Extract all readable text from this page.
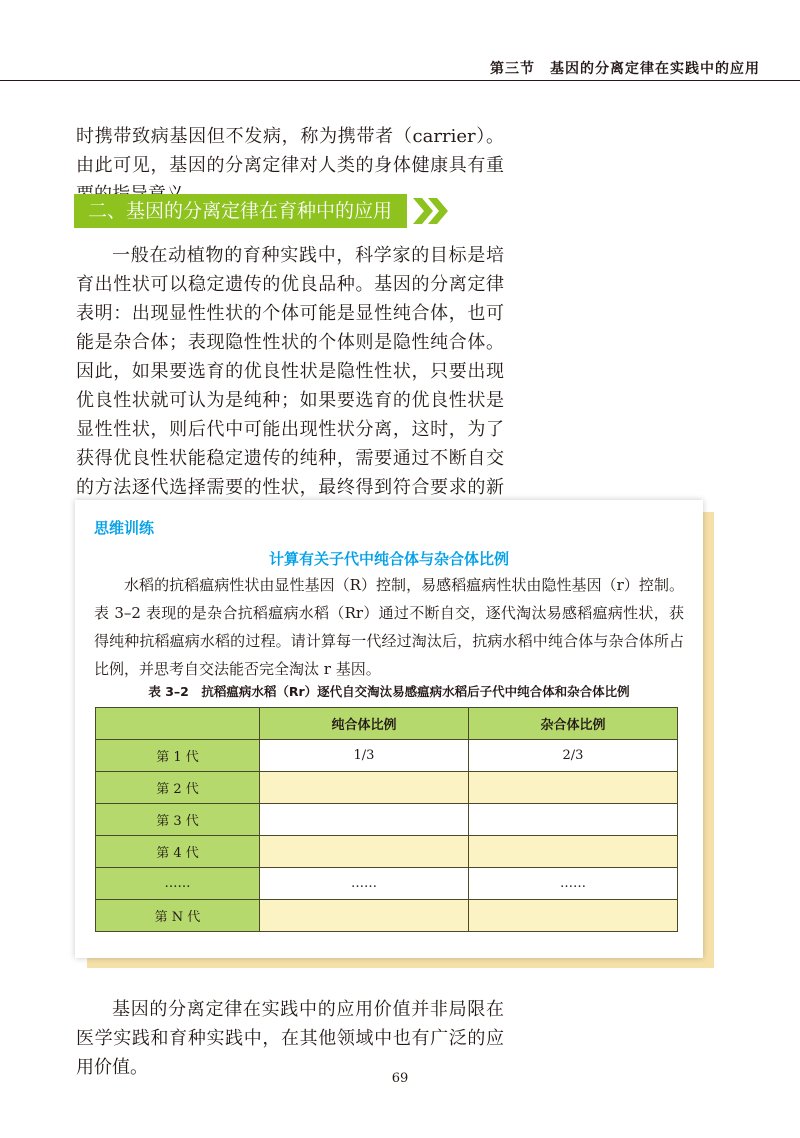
第三节　基因的分离定律在实践中的应用

时携带致病基因但不发病，称为携带者（carrier）。由此可见，基因的分离定律对人类的身体健康具有重

二、基因的分离定律在育种中的应用

一般在动植物的育种实践中，科学家的目标是培育出性状可以稳定遗传的优良品种。基因的分离定律表明：出现显性性状的个体可能是显性纯合体，也可能是杂合体；表现隐性性状的个体则是隐性纯合体。因此，如果要选育的优良性状是隐性性状，只要出现优良性状就可认为是纯种；如果要选育的优良性状是显性性状，则后代中可能出现性状分离，这时，为了获得优良性状能稳定遗传的纯种，需要通过不断自交的方法逐代选择需要的性状，最终得到符合要求的新

思维训练
计算有关子代中纯合体与杂合体比例

水稻的抗稻瘟病性状由显性基因（R）控制，易感稻瘟病性状由隐性基因（r）控制。表 3–2 表现的是杂合抗稻瘟病水稻（Rr）通过不断自交，逐代淘汰易感稻瘟病性状，获得纯种抗稻瘟病水稻的过程。请计算每一代经过淘汰后，抗病水稻中纯合体与杂合体所占比例，并思考自交法能否完全淘汰 r 基因。

表 3–2　抗稻瘟病水稻（Rr）逐代自交淘汰易感瘟病水稻后子代中纯合体和杂合体比例
	纯合体比例	杂合体比例
第 1 代	1/3	2/3
第 2 代		
第 3 代		
第 4 代		
……	……	……
第 N 代		

基因的分离定律在实践中的应用价值并非局限在医学实践和育种实践中，在其他领域中也有广泛的应用价值。

69
